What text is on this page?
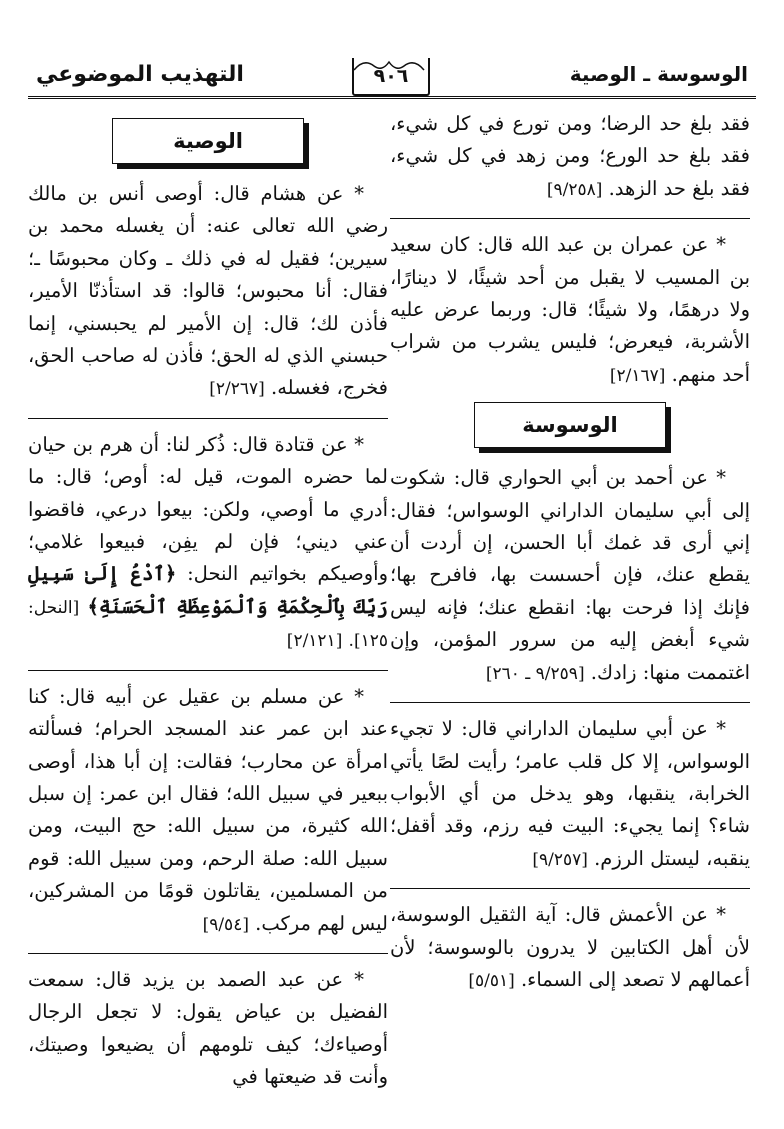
الوسوسة ـ الوصية
٩٠٦
التهذيب الموضوعي

فقد بلغ حد الرضا؛ ومن تورع في كل شيء، فقد بلغ حد الورع؛ ومن زهد في كل شيء، فقد بلغ حد الزهد. [٩/٢٥٨]

* عن عمران بن عبد الله قال: كان سعيد بن المسيب لا يقبل من أحد شيئًا، لا دينارًا، ولا درهمًا، ولا شيئًا؛ قال: وربما عرض عليه الأشربة، فيعرض؛ فليس يشرب من شراب أحد منهم. [٢/١٦٧]

الوسوسة

* عن أحمد بن أبي الحواري قال: شكوت إلى أبي سليمان الداراني الوسواس؛ فقال: إني أرى قد غمك أبا الحسن، إن أردت أن يقطع عنك، فإن أحسست بها، فافرح بها؛ فإنك إذا فرحت بها: انقطع عنك؛ فإنه ليس شيء أبغض إليه من سرور المؤمن، وإن اغتممت منها: زادك. [٩/٢٥٩ ـ ٢٦٠]

* عن أبي سليمان الداراني قال: لا تجيء الوسواس، إلا كل قلب عامر؛ رأيت لصًا يأتي الخرابة، ينقبها، وهو يدخل من أي الأبواب شاء؟ إنما يجيء: البيت فيه رزم، وقد أقفل؛ ينقبه، ليستل الرزم. [٩/٢٥٧]

* عن الأعمش قال: آية الثقيل الوسوسة، لأن أهل الكتابين لا يدرون بالوسوسة؛ لأن أعمالهم لا تصعد إلى السماء. [٥/٥١]

الوصية

* عن هشام قال: أوصى أنس بن مالك رضي الله تعالى عنه: أن يغسله محمد بن سيرين؛ فقيل له في ذلك ـ وكان محبوسًا ـ؛ فقال: أنا محبوس؛ قالوا: قد استأذنّا الأمير، فأذن لك؛ قال: إن الأمير لم يحبسني، إنما حبسني الذي له الحق؛ فأذن له صاحب الحق، فخرج، فغسله. [٢/٢٦٧]

* عن قتادة قال: ذُكر لنا: أن هرم بن حيان لما حضره الموت، قيل له: أوص؛ قال: ما أدري ما أوصي، ولكن: بيعوا درعي، فاقضوا عني ديني؛ فإن لم يفِن، فبيعوا غلامي؛ وأوصيكم بخواتيم النحل: ﴿ٱدْعُ إِلَىٰ سَبِيلِ رَبِّكَ بِٱلْحِكْمَةِ وَٱلْمَوْعِظَةِ ٱلْحَسَنَةِ﴾ [النحل: ١٢٥]. [٢/١٢١]

* عن مسلم بن عقيل عن أبيه قال: كنا عند ابن عمر عند المسجد الحرام؛ فسألته امرأة عن محارب؛ فقالت: إن أبا هذا، أوصى ببعير في سبيل الله؛ فقال ابن عمر: إن سبل الله كثيرة، من سبيل الله: حج البيت، ومن سبيل الله: صلة الرحم، ومن سبيل الله: قوم من المسلمين، يقاتلون قومًا من المشركين، ليس لهم مركب. [٩/٥٤]

* عن عبد الصمد بن يزيد قال: سمعت الفضيل بن عياض يقول: لا تجعل الرجال أوصياءك؛ كيف تلومهم أن يضيعوا وصيتك، وأنت قد ضيعتها في
